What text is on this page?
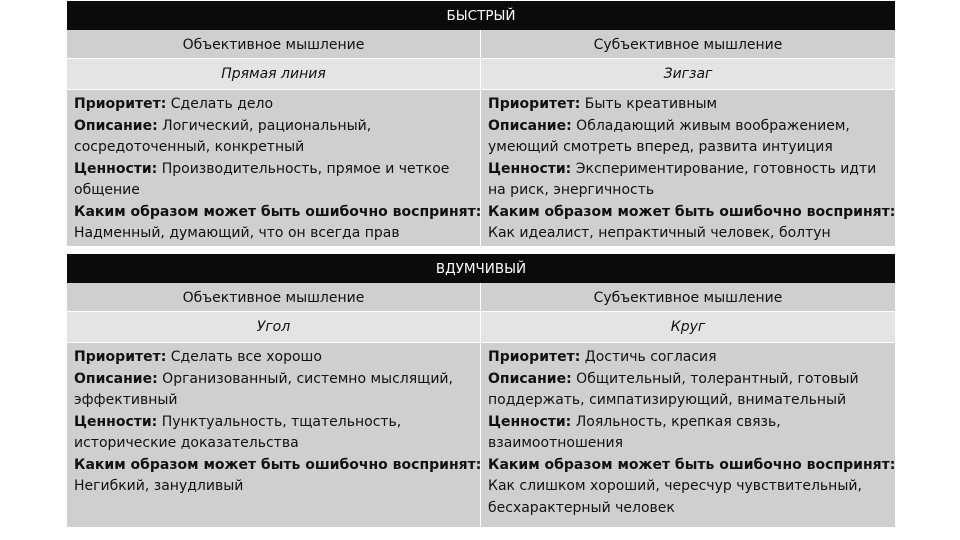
БЫСТРЫЙ
Объективное мышление	Субъективное мышление
Прямая линия	Зигзаг
Приоритет: Сделать дело
Описание: Логический, рациональный,
сосредоточенный, конкретный
Ценности: Производительность, прямое и четкое
общение
Каким образом может быть ошибочно воспринят:
Надменный, думающий, что он всегда прав
Приоритет: Быть креативным
Описание: Обладающий живым воображением,
умеющий смотреть вперед, развита интуиция
Ценности: Экспериментирование, готовность идти
на риск, энергичность
Каким образом может быть ошибочно воспринят:
Как идеалист, непрактичный человек, болтун
ВДУМЧИВЫЙ
Объективное мышление	Субъективное мышление
Угол	Круг
Приоритет: Сделать все хорошо
Описание: Организованный, системно мыслящий,
эффективный
Ценности: Пунктуальность, тщательность,
исторические доказательства
Каким образом может быть ошибочно воспринят:
Негибкий, занудливый
Приоритет: Достичь согласия
Описание: Общительный, толерантный, готовый
поддержать, симпатизирующий, внимательный
Ценности: Лояльность, крепкая связь,
взаимоотношения
Каким образом может быть ошибочно воспринят:
Как слишком хороший, чересчур чувствительный,
бесхарактерный человек
